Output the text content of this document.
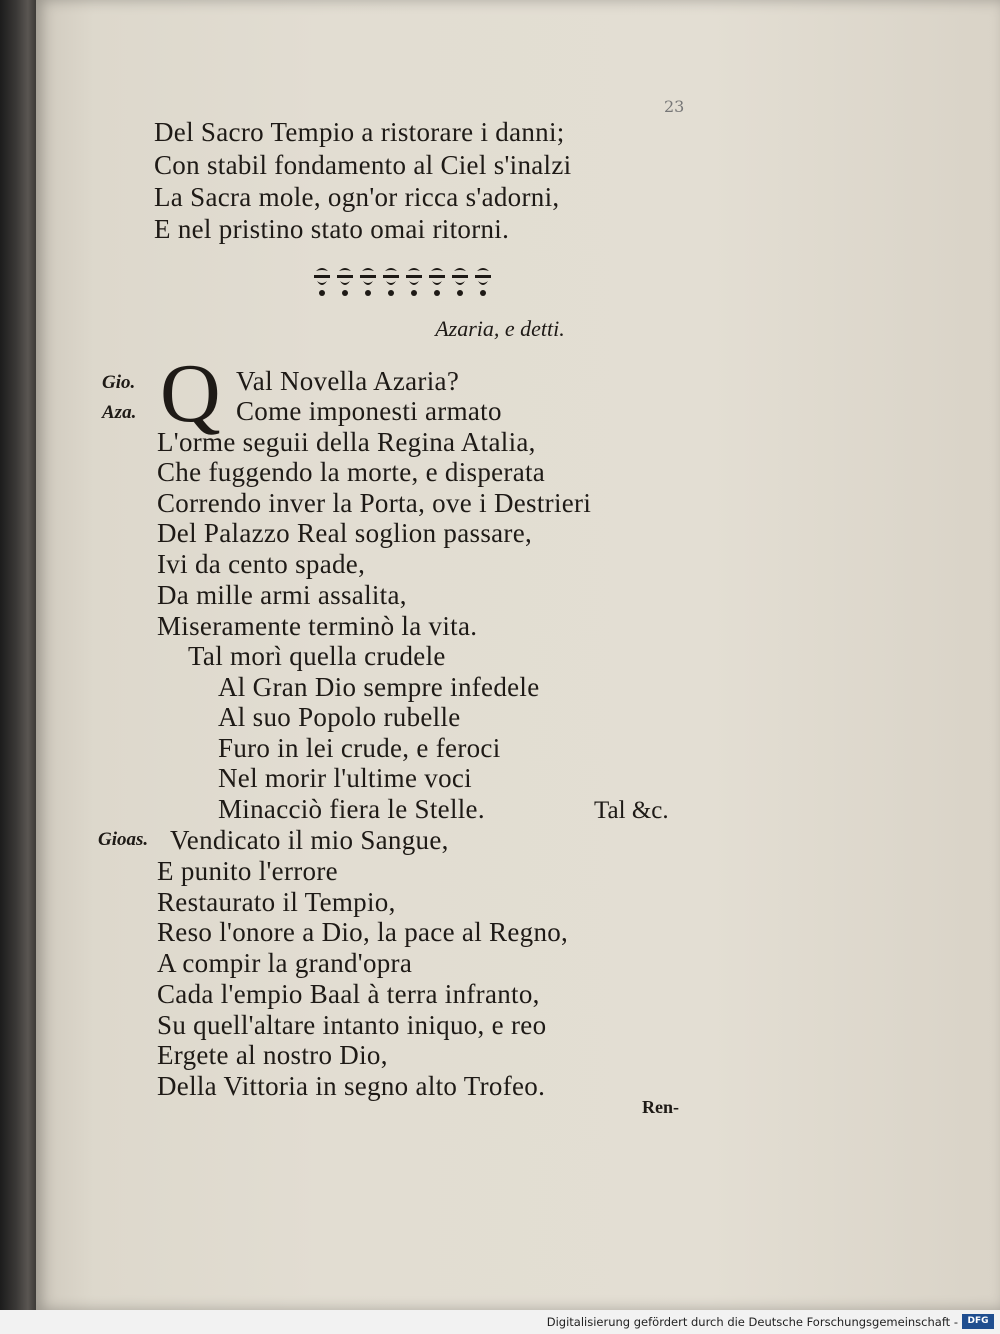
23
Del Sacro Tempio a ristorare i danni;
Con stabil fondamento al Ciel s'inalzi
La Sacra mole, ogn'or ricca s'adorni,
E nel pristino stato omai ritorni.
Azaria, e detti.
Gio.
Aza.
Gioas.
Q Val Novella Azaria?
Come imponesti armato
L'orme seguii della Regina Atalia,
Che fuggendo la morte, e disperata
Correndo inver la Porta, ove i Destrieri
Del Palazzo Real soglion passare,
Ivi da cento spade,
Da mille armi assalita,
Miseramente terminò la vita.
Tal morì quella crudele
Al Gran Dio sempre infedele
Al suo Popolo rubelle
Furo in lei crude, e feroci
Nel morir l'ultime voci
Minacciò fiera le Stelle.	Tal &c.
Vendicato il mio Sangue,
E punito l'errore
Restaurato il Tempio,
Reso l'onore a Dio, la pace al Regno,
A compir la grand'opra
Cada l'empio Baal à terra infranto,
Su quell'altare intanto iniquo, e reo
Ergete al nostro Dio,
Della Vittoria in segno alto Trofeo.
Ren-
Digitalisierung gefördert durch die Deutsche Forschungsgemeinschaft -	DFG
